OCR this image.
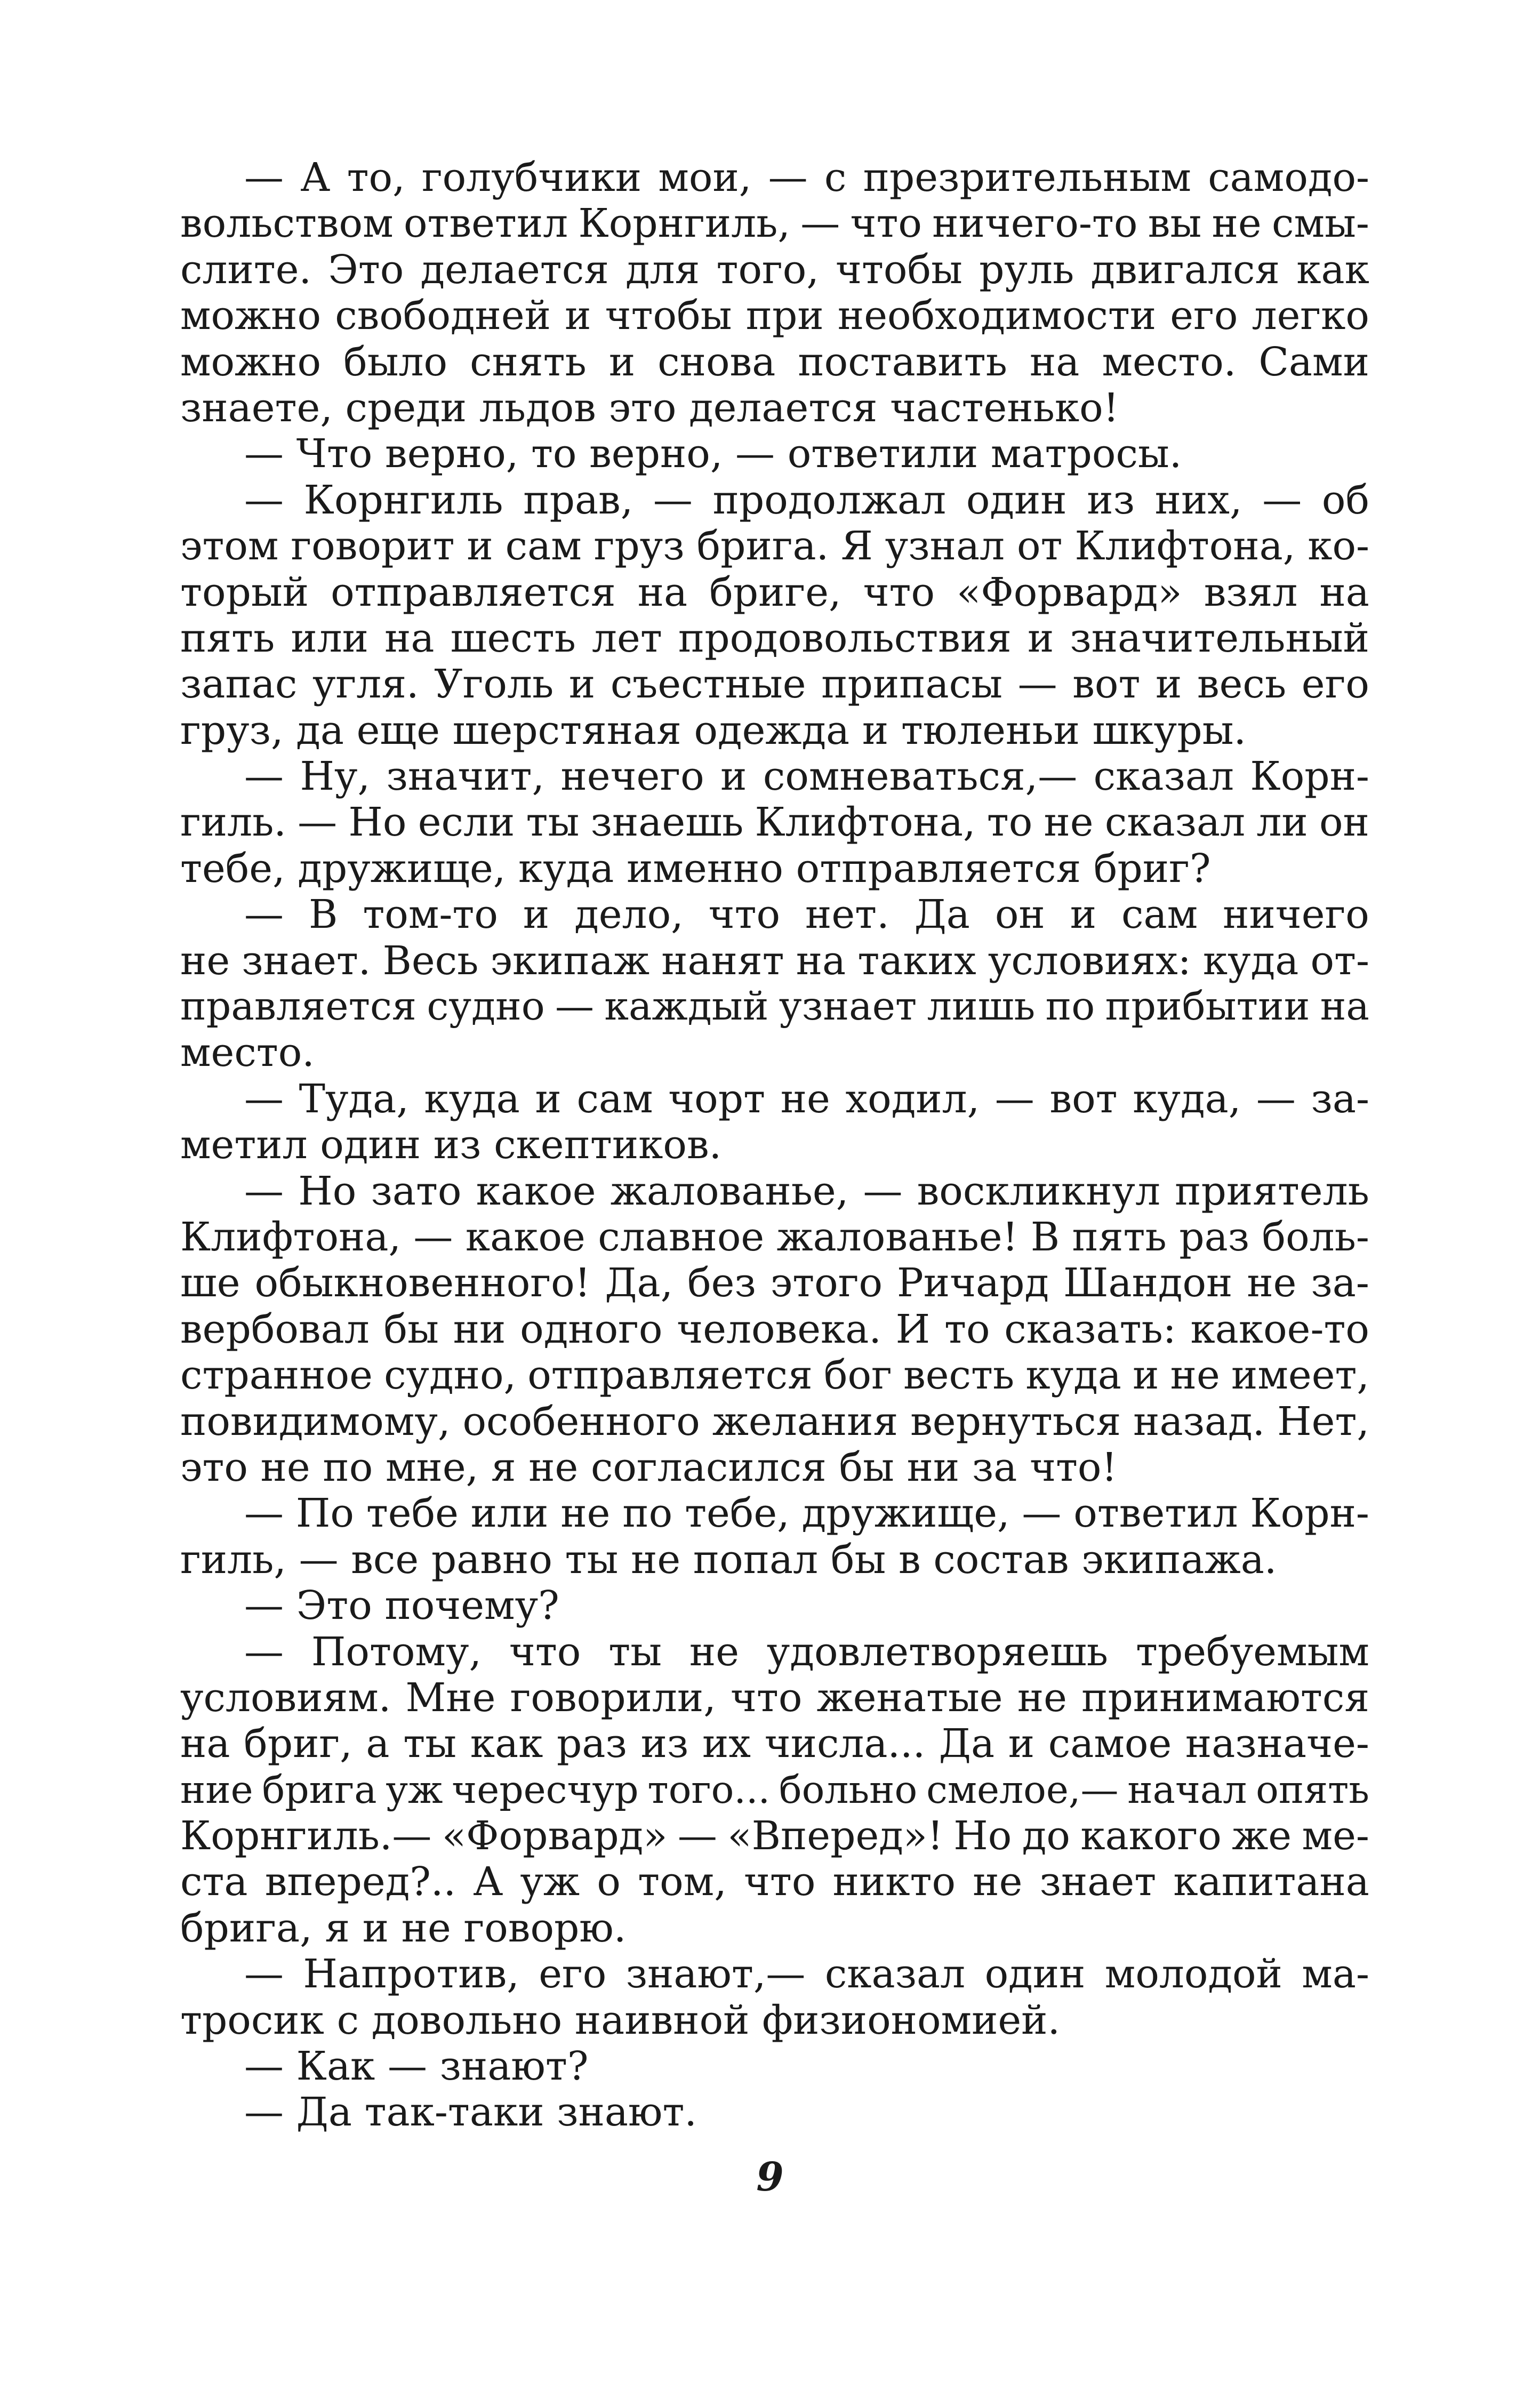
— А то, голубчики мои, — с презрительным самодо-
вольством ответил Корнгиль, — что ничего-то вы не смы-
слите. Это делается для того, чтобы руль двигался как
можно свободней и чтобы при необходимости его легко
можно было снять и снова поставить на место. Сами
знаете, среди льдов это делается частенько!
— Что верно, то верно, — ответили матросы.
— Корнгиль прав, — продолжал один из них, — об
этом говорит и сам груз брига. Я узнал от Клифтона, ко-
торый отправляется на бриге, что «Форвард» взял на
пять или на шесть лет продовольствия и значительный
запас угля. Уголь и съестные припасы — вот и весь его
груз, да еще шерстяная одежда и тюленьи шкуры.
— Ну, значит, нечего и сомневаться,— сказал Корн-
гиль. — Но если ты знаешь Клифтона, то не сказал ли он
тебе, дружище, куда именно отправляется бриг?
— В том-то и дело, что нет. Да он и сам ничего
не знает. Весь экипаж нанят на таких условиях: куда от-
правляется судно — каждый узнает лишь по прибытии на
место.
— Туда, куда и сам чорт не ходил, — вот куда, — за-
метил один из скептиков.
— Но зато какое жалованье, — воскликнул приятель
Клифтона, — какое славное жалованье! В пять раз боль-
ше обыкновенного! Да, без этого Ричард Шандон не за-
вербовал бы ни одного человека. И то сказать: какое-то
странное судно, отправляется бог весть куда и не имеет,
повидимому, особенного желания вернуться назад. Нет,
это не по мне, я не согласился бы ни за что!
— По тебе или не по тебе, дружище, — ответил Корн-
гиль, — все равно ты не попал бы в состав экипажа.
— Это почему?
— Потому, что ты не удовлетворяешь требуемым
условиям. Мне говорили, что женатые не принимаются
на бриг, а ты как раз из их числа... Да и самое назначе-
ние брига уж чересчур того... больно смелое,— начал опять
Корнгиль.— «Форвард» — «Вперед»! Но до какого же ме-
ста вперед?.. А уж о том, что никто не знает капитана
брига, я и не говорю.
— Напротив, его знают,— сказал один молодой ма-
тросик с довольно наивной физиономией.
— Как — знают?
— Да так-таки знают.
9
